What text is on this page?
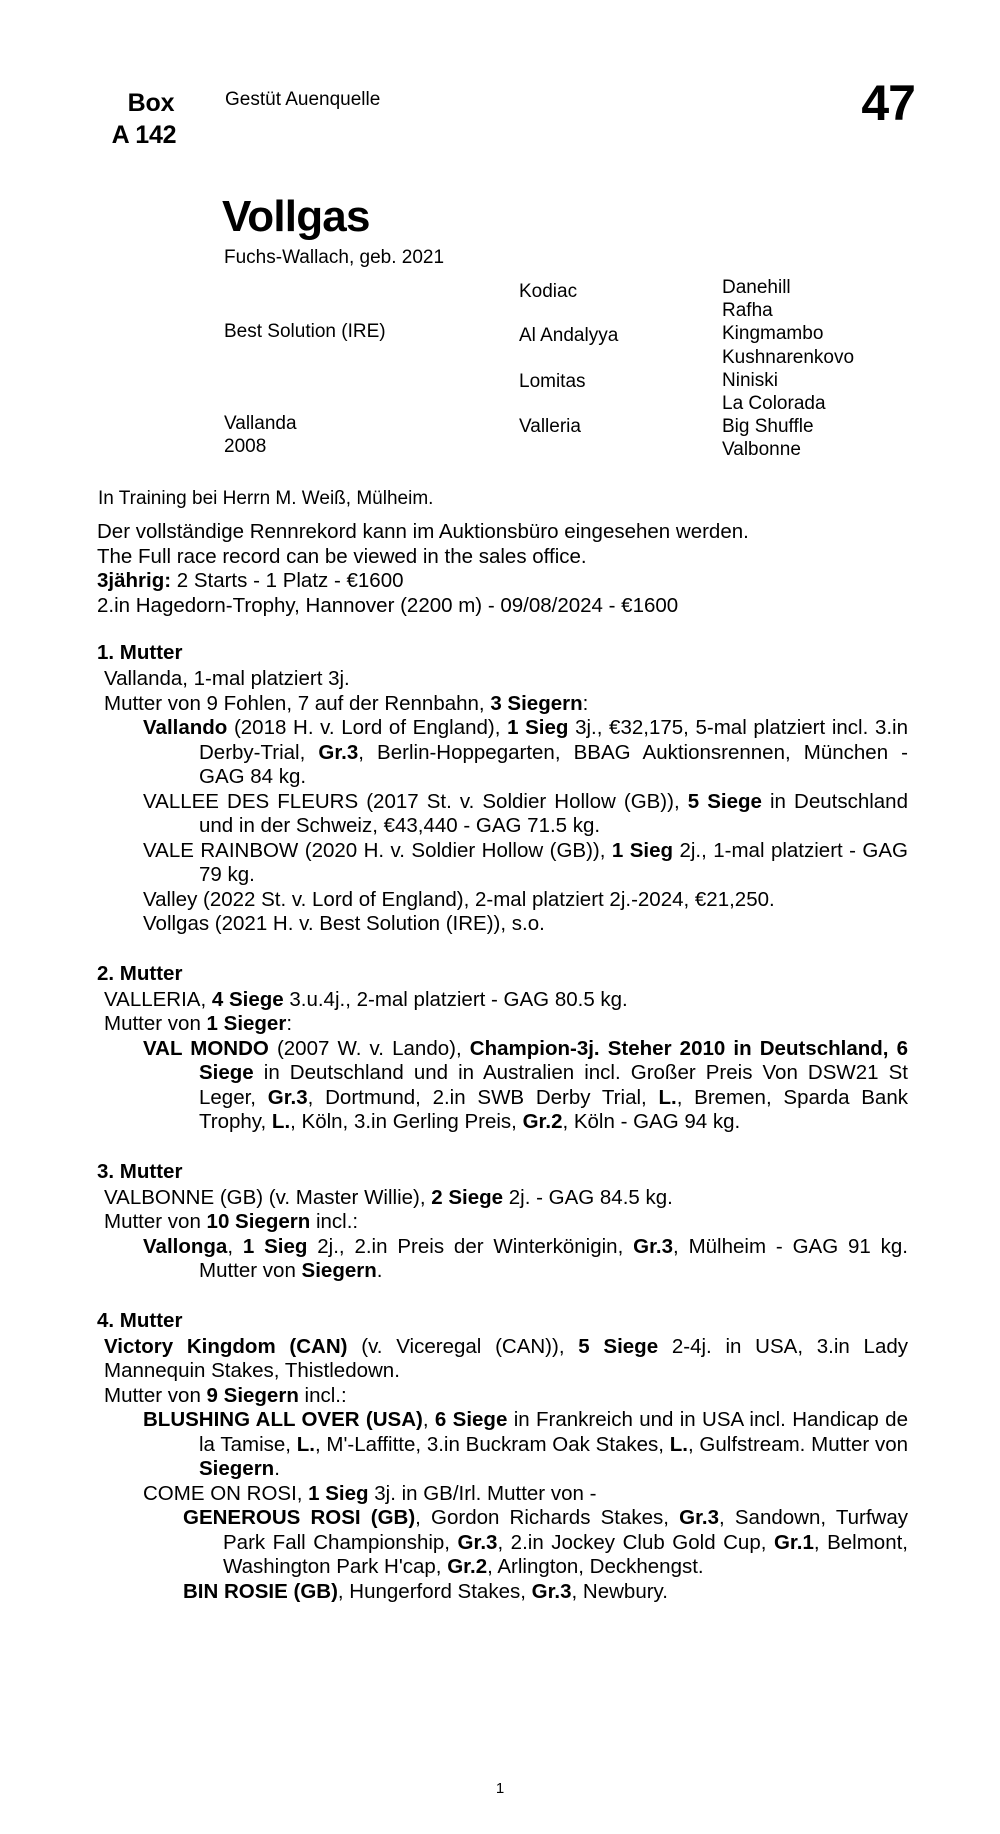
Box
A 142
Gestüt Auenquelle	47
Vollgas
Fuchs-Wallach, geb. 2021
Best Solution (IRE)
Vallanda
2008
Kodiac
Al Andalyya
Lomitas
Valleria
Danehill
Rafha
Kingmambo
Kushnarenkovo
Niniski
La Colorada
Big Shuffle
Valbonne
In Training bei Herrn M. Weiß, Mülheim.
Der vollständige Rennrekord kann im Auktionsbüro eingesehen werden.
The Full race record can be viewed in the sales office.
3jährig: 2 Starts - 1 Platz - €1600
2.in Hagedorn-Trophy, Hannover (2200 m) - 09/08/2024 - €1600
1. Mutter
Vallanda, 1-mal platziert 3j.
Mutter von 9 Fohlen, 7 auf der Rennbahn, 3 Siegern:
Vallando (2018 H. v. Lord of England), 1 Sieg 3j., €32,175, 5-mal platziert incl. 3.in Derby-Trial, Gr.3, Berlin-Hoppegarten, BBAG Auktionsrennen, München - GAG 84 kg.
VALLEE DES FLEURS (2017 St. v. Soldier Hollow (GB)), 5 Siege in Deutschland und in der Schweiz, €43,440 - GAG 71.5 kg.
VALE RAINBOW (2020 H. v. Soldier Hollow (GB)), 1 Sieg 2j., 1-mal platziert - GAG 79 kg.
Valley (2022 St. v. Lord of England), 2-mal platziert 2j.-2024, €21,250.
Vollgas (2021 H. v. Best Solution (IRE)), s.o.
2. Mutter
VALLERIA, 4 Siege 3.u.4j., 2-mal platziert - GAG 80.5 kg.
Mutter von 1 Sieger:
VAL MONDO (2007 W. v. Lando), Champion-3j. Steher 2010 in Deutschland, 6 Siege in Deutschland und in Australien incl. Großer Preis Von DSW21 St Leger, Gr.3, Dortmund, 2.in SWB Derby Trial, L., Bremen, Sparda Bank Trophy, L., Köln, 3.in Gerling Preis, Gr.2, Köln - GAG 94 kg.
3. Mutter
VALBONNE (GB) (v. Master Willie), 2 Siege 2j. - GAG 84.5 kg.
Mutter von 10 Siegern incl.:
Vallonga, 1 Sieg 2j., 2.in Preis der Winterkönigin, Gr.3, Mülheim - GAG 91 kg. Mutter von Siegern.
4. Mutter
Victory Kingdom (CAN) (v. Viceregal (CAN)), 5 Siege 2-4j. in USA, 3.in Lady Mannequin Stakes, Thistledown.
Mutter von 9 Siegern incl.:
BLUSHING ALL OVER (USA), 6 Siege in Frankreich und in USA incl. Handicap de la Tamise, L., M'-Laffitte, 3.in Buckram Oak Stakes, L., Gulfstream. Mutter von Siegern.
COME ON ROSI, 1 Sieg 3j. in GB/Irl. Mutter von -
GENEROUS ROSI (GB), Gordon Richards Stakes, Gr.3, Sandown, Turfway Park Fall Championship, Gr.3, 2.in Jockey Club Gold Cup, Gr.1, Belmont, Washington Park H'cap, Gr.2, Arlington, Deckhengst.
BIN ROSIE (GB), Hungerford Stakes, Gr.3, Newbury.
1
